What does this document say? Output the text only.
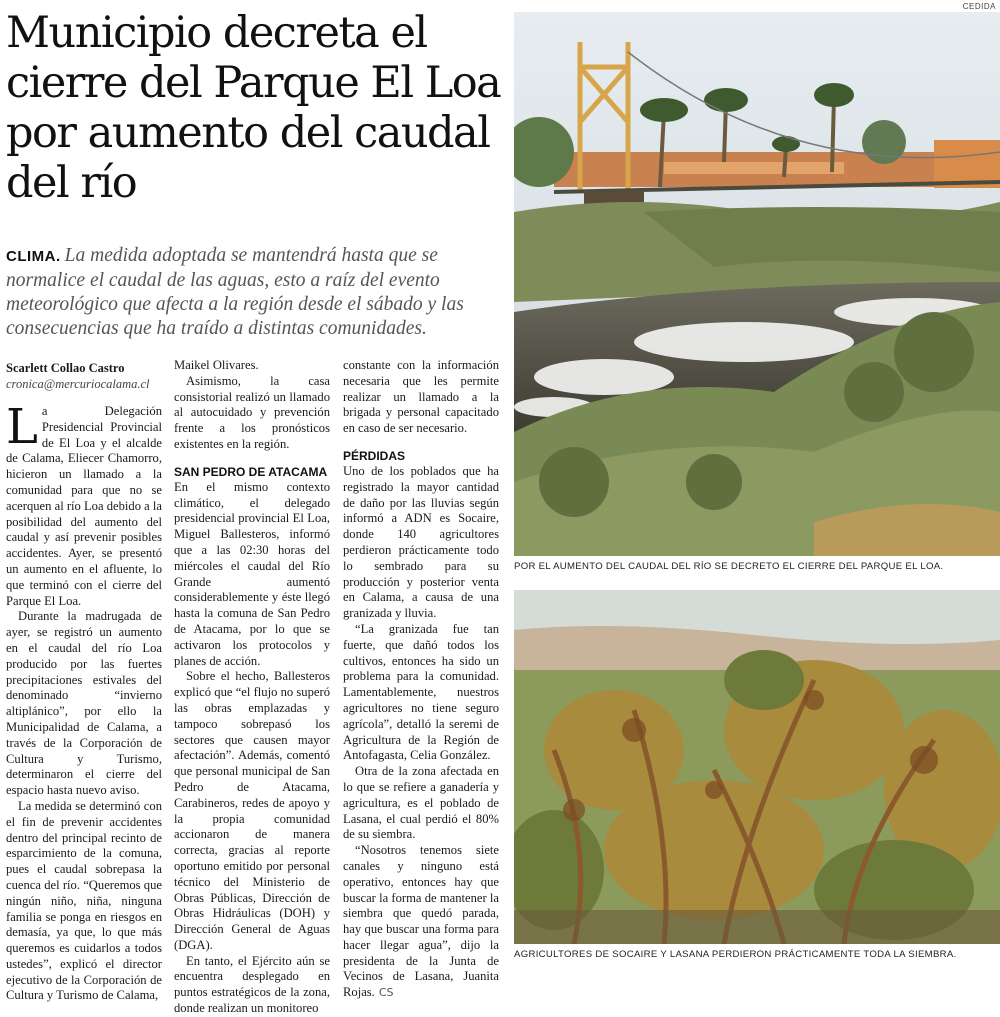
CEDIDA
Municipio decreta el cierre del Parque El Loa por aumento del caudal del río

CLIMA. La medida adoptada se mantendrá hasta que se normalice el caudal de las aguas, esto a raíz del evento meteorológico que afecta a la región desde el sábado y las consecuencias que ha traído a distintas comunidades.

Scarlett Collao Castro
cronica@mercuriocalama.cl

La Delegación Presidencial Provincial de El Loa y el alcalde de Calama, Eliecer Chamorro, hicieron un llamado a la comunidad para que no se acerquen al río Loa debido a la posibilidad del aumento del caudal y así prevenir posibles accidentes. Ayer, se presentó un aumento en el afluente, lo que terminó con el cierre del Parque El Loa.

Durante la madrugada de ayer, se registró un aumento en el caudal del río Loa producido por las fuertes precipitaciones estivales del denominado “invierno altiplánico”, por ello la Municipalidad de Calama, a través de la Corporación de Cultura y Turismo, determinaron el cierre del espacio hasta nuevo aviso.

La medida se determinó con el fin de prevenir accidentes dentro del principal recinto de esparcimiento de la comuna, pues el caudal sobrepasa la cuenca del río. “Queremos que ningún niño, niña, ninguna familia se ponga en riesgos en demasía, ya que, lo que más queremos es cuidarlos a todos ustedes”, explicó el director ejecutivo de la Corporación de Cultura y Turismo de Calama,

Maikel Olivares.

Asimismo, la casa consistorial realizó un llamado al autocuidado y prevención frente a los pronósticos existentes en la región.

SAN PEDRO DE ATACAMA

En el mismo contexto climático, el delegado presidencial provincial El Loa, Miguel Ballesteros, informó que a las 02:30 horas del miércoles el caudal del Río Grande aumentó considerablemente y éste llegó hasta la comuna de San Pedro de Atacama, por lo que se activaron los protocolos y planes de acción.

Sobre el hecho, Ballesteros explicó que “el flujo no superó las obras emplazadas y tampoco sobrepasó los sectores que causen mayor afectación”. Además, comentó que personal municipal de San Pedro de Atacama, Carabineros, redes de apoyo y la propia comunidad accionaron de manera correcta, gracias al reporte oportuno emitido por personal técnico del Ministerio de Obras Públicas, Dirección de Obras Hidráulicas (DOH) y Dirección General de Aguas (DGA).

En tanto, el Ejército aún se encuentra desplegado en puntos estratégicos de la zona, donde realizan un monitoreo

constante con la información necesaria que les permite realizar un llamado a la brigada y personal capacitado en caso de ser necesario.

PÉRDIDAS

Uno de los poblados que ha registrado la mayor cantidad de daño por las lluvias según informó a ADN es Socaire, donde 140 agricultores perdieron prácticamente todo lo sembrado para su producción y posterior venta en Calama, a causa de una granizada y lluvia.

“La granizada fue tan fuerte, que dañó todos los cultivos, entonces ha sido un problema para la comunidad. Lamentablemente, nuestros agricultores no tiene seguro agrícola”, detalló la seremi de Agricultura de la Región de Antofagasta, Celia González.

Otra de la zona afectada en lo que se refiere a ganadería y agricultura, es el poblado de Lasana, el cual perdió el 80% de su siembra.

“Nosotros tenemos siete canales y ninguno está operativo, entonces hay que buscar la forma de mantener la siembra que quedó parada, hay que buscar una forma para hacer llegar agua”, dijo la presidenta de la Junta de Vecinos de Lasana, Juanita Rojas. CS

POR EL AUMENTO DEL CAUDAL DEL RÍO SE DECRETO EL CIERRE DEL PARQUE EL LOA.
AGRICULTORES DE SOCAIRE Y LASANA PERDIERON PRÁCTICAMENTE TODA LA SIEMBRA.
